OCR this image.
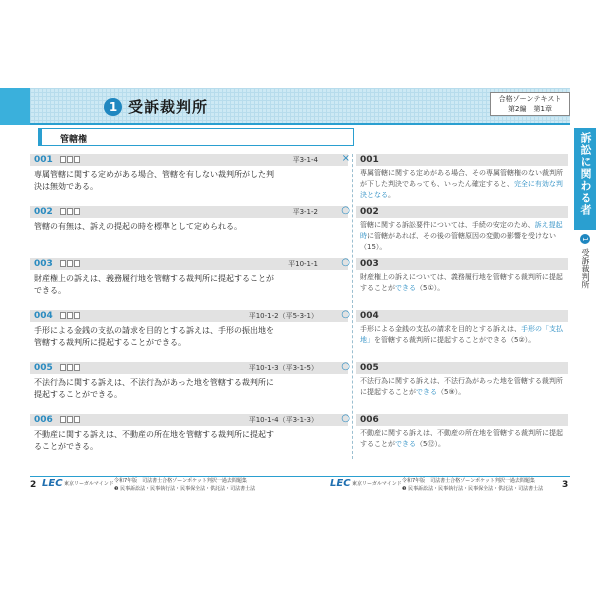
1 受訴裁判所	合格ゾーンテキスト
第2編　第1章
訴訟に関わる者
1 受訴裁判所
管轄権
001	平3-1-4 ×
専属管轄に関する定めがある場合、管轄を有しない裁判所がした判決は無効である。
001
専属管轄に関する定めがある場合、その専属管轄権のない裁判所が下した判決であっても、いったん確定すると、完全に有効な判決となる。
002	平3-1-2 ○
管轄の有無は、訴えの提起の時を標準として定められる。
002
管轄に関する訴訟要件については、手続の安定のため、訴え提起時に管轄があれば、その後の管轄原因の変動の影響を受けない（15）。
003	平10-1-1 ○
財産権上の訴えは、義務履行地を管轄する裁判所に提起することができる。
003
財産権上の訴えについては、義務履行地を管轄する裁判所に提起することができる（5①）。
004	平10-1-2（平5-3-1） ○
手形による金銭の支払の請求を目的とする訴えは、手形の振出地を管轄する裁判所に提起することができる。
004
手形による金銭の支払の請求を目的とする訴えは、手形の「支払地」を管轄する裁判所に提起することができる（5②）。
005	平10-1-3（平3-1-5） ○
不法行為に関する訴えは、不法行為があった地を管轄する裁判所に提起することができる。
005
不法行為に関する訴えは、不法行為があった地を管轄する裁判所に提起することができる（5⑨）。
006	平10-1-4（平3-1-3） ○
不動産に関する訴えは、不動産の所在地を管轄する裁判所に提起することができる。
006
不動産に関する訴えは、不動産の所在地を管轄する裁判所に提起することができる（5⑫）。
2 LEC 東京リーガルマインド 令和7年版　司法書士合格ゾーンポケット判択一過去問題集
❸ 民事訴訟法・民事執行法・民事保全法・供託法・司法書士法	LEC 東京リーガルマインド 令和7年版　司法書士合格ゾーンポケット判択一過去問題集
❸ 民事訴訟法・民事執行法・民事保全法・供託法・司法書士法 3
